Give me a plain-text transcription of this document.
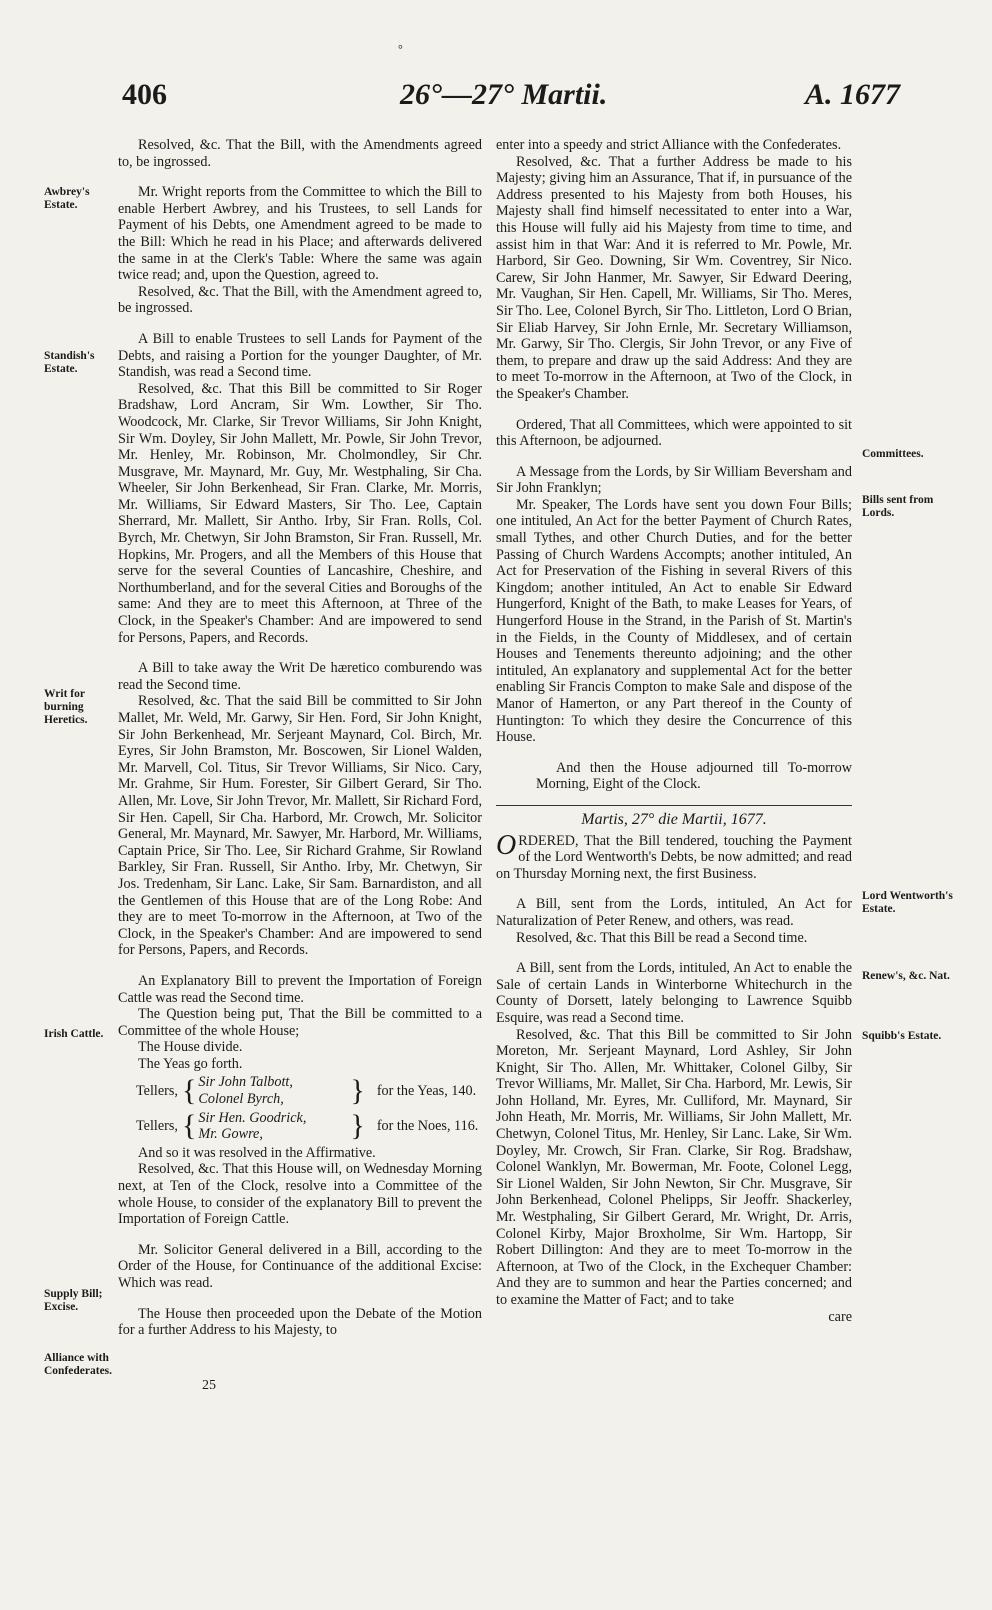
°
406	26°—27° Martii.	A. 1677
Awbrey's Estate.
Standish's Estate.
Writ for burning Heretics.
Irish Cattle.
Supply Bill; Excise.
Alliance with Confederates.
Committees.
Bills sent from Lords.
Lord Wentworth's Estate.
Renew's, &c. Nat.
Squibb's Estate.

Resolved, &c. That the Bill, with the Amendments agreed to, be ingrossed.

Mr. Wright reports from the Committee to which the Bill to enable Herbert Awbrey, and his Trustees, to sell Lands for Payment of his Debts, one Amendment agreed to be made to the Bill: Which he read in his Place; and afterwards delivered the same in at the Clerk's Table: Where the same was again twice read; and, upon the Question, agreed to.

Resolved, &c. That the Bill, with the Amendment agreed to, be ingrossed.

A Bill to enable Trustees to sell Lands for Payment of the Debts, and raising a Portion for the younger Daughter, of Mr. Standish, was read a Second time.

Resolved, &c. That this Bill be committed to Sir Roger Bradshaw, Lord Ancram, Sir Wm. Lowther, Sir Tho. Woodcock, Mr. Clarke, Sir Trevor Williams, Sir John Knight, Sir Wm. Doyley, Sir John Mallett, Mr. Powle, Sir John Trevor, Mr. Henley, Mr. Robinson, Mr. Cholmondley, Sir Chr. Musgrave, Mr. Maynard, Mr. Guy, Mr. Westphaling, Sir Cha. Wheeler, Sir John Berkenhead, Sir Fran. Clarke, Mr. Morris, Mr. Williams, Sir Edward Masters, Sir Tho. Lee, Captain Sherrard, Mr. Mallett, Sir Antho. Irby, Sir Fran. Rolls, Col. Byrch, Mr. Chetwyn, Sir John Bramston, Sir Fran. Russell, Mr. Hopkins, Mr. Progers, and all the Members of this House that serve for the several Counties of Lancashire, Cheshire, and Northumberland, and for the several Cities and Boroughs of the same: And they are to meet this Afternoon, at Three of the Clock, in the Speaker's Chamber: And are impowered to send for Persons, Papers, and Records.

A Bill to take away the Writ De hæretico comburendo was read the Second time.

Resolved, &c. That the said Bill be committed to Sir John Mallet, Mr. Weld, Mr. Garwy, Sir Hen. Ford, Sir John Knight, Sir John Berkenhead, Mr. Serjeant Maynard, Col. Birch, Mr. Eyres, Sir John Bramston, Mr. Boscowen, Sir Lionel Walden, Mr. Marvell, Col. Titus, Sir Trevor Williams, Sir Nico. Cary, Mr. Grahme, Sir Hum. Forester, Sir Gilbert Gerard, Sir Tho. Allen, Mr. Love, Sir John Trevor, Mr. Mallett, Sir Richard Ford, Sir Hen. Capell, Sir Cha. Harbord, Mr. Crowch, Mr. Solicitor General, Mr. Maynard, Mr. Sawyer, Mr. Harbord, Mr. Williams, Captain Price, Sir Tho. Lee, Sir Richard Grahme, Sir Rowland Barkley, Sir Fran. Russell, Sir Antho. Irby, Mr. Chetwyn, Sir Jos. Tredenham, Sir Lanc. Lake, Sir Sam. Barnardiston, and all the Gentlemen of this House that are of the Long Robe: And they are to meet To-morrow in the Afternoon, at Two of the Clock, in the Speaker's Chamber: And are impowered to send for Persons, Papers, and Records.

An Explanatory Bill to prevent the Importation of Foreign Cattle was read the Second time.

The Question being put, That the Bill be committed to a Committee of the whole House;

The House divide.

The Yeas go forth.

Tellers, { Sir John Talbott,
Colonel Byrch,	} for the Yeas, 140.
Tellers, { Sir Hen. Goodrick,
Mr. Gowre,	} for the Noes, 116.

And so it was resolved in the Affirmative.

Resolved, &c. That this House will, on Wednesday Morning next, at Ten of the Clock, resolve into a Committee of the whole House, to consider of the explanatory Bill to prevent the Importation of Foreign Cattle.

Mr. Solicitor General delivered in a Bill, according to the Order of the House, for Continuance of the additional Excise: Which was read.

The House then proceeded upon the Debate of the Motion for a further Address to his Majesty, to

25

enter into a speedy and strict Alliance with the Confederates.

Resolved, &c. That a further Address be made to his Majesty; giving him an Assurance, That if, in pursuance of the Address presented to his Majesty from both Houses, his Majesty shall find himself necessitated to enter into a War, this House will fully aid his Majesty from time to time, and assist him in that War: And it is referred to Mr. Powle, Mr. Harbord, Sir Geo. Downing, Sir Wm. Coventrey, Sir Nico. Carew, Sir John Hanmer, Mr. Sawyer, Sir Edward Deering, Mr. Vaughan, Sir Hen. Capell, Mr. Williams, Sir Tho. Meres, Sir Tho. Lee, Colonel Byrch, Sir Tho. Littleton, Lord O Brian, Sir Eliab Harvey, Sir John Ernle, Mr. Secretary Williamson, Mr. Garwy, Sir Tho. Clergis, Sir John Trevor, or any Five of them, to prepare and draw up the said Address: And they are to meet To-morrow in the Afternoon, at Two of the Clock, in the Speaker's Chamber.

Ordered, That all Committees, which were appointed to sit this Afternoon, be adjourned.

A Message from the Lords, by Sir William Beversham and Sir John Franklyn;

Mr. Speaker, The Lords have sent you down Four Bills; one intituled, An Act for the better Payment of Church Rates, small Tythes, and other Church Duties, and for the better Passing of Church Wardens Accompts; another intituled, An Act for Preservation of the Fishing in several Rivers of this Kingdom; another intituled, An Act to enable Sir Edward Hungerford, Knight of the Bath, to make Leases for Years, of Hungerford House in the Strand, in the Parish of St. Martin's in the Fields, in the County of Middlesex, and of certain Houses and Tenements thereunto adjoining; and the other intituled, An explanatory and supplemental Act for the better enabling Sir Francis Compton to make Sale and dispose of the Manor of Hamerton, or any Part thereof in the County of Huntington: To which they desire the Concurrence of this House.

And then the House adjourned till To-morrow Morning, Eight of the Clock.

Martis, 27° die Martii, 1677.

ORDERED, That the Bill tendered, touching the Payment of the Lord Wentworth's Debts, be now admitted; and read on Thursday Morning next, the first Business.

A Bill, sent from the Lords, intituled, An Act for Naturalization of Peter Renew, and others, was read.

Resolved, &c. That this Bill be read a Second time.

A Bill, sent from the Lords, intituled, An Act to enable the Sale of certain Lands in Winterborne Whitechurch in the County of Dorsett, lately belonging to Lawrence Squibb Esquire, was read a Second time.

Resolved, &c. That this Bill be committed to Sir John Moreton, Mr. Serjeant Maynard, Lord Ashley, Sir John Knight, Sir Tho. Allen, Mr. Whittaker, Colonel Gilby, Sir Trevor Williams, Mr. Mallet, Sir Cha. Harbord, Mr. Lewis, Sir John Holland, Mr. Eyres, Mr. Culliford, Mr. Maynard, Sir John Heath, Mr. Morris, Mr. Williams, Sir John Mallett, Mr. Chetwyn, Colonel Titus, Mr. Henley, Sir Lanc. Lake, Sir Wm. Doyley, Mr. Crowch, Sir Fran. Clarke, Sir Rog. Bradshaw, Colonel Wanklyn, Mr. Bowerman, Mr. Foote, Colonel Legg, Sir Lionel Walden, Sir John Newton, Sir Chr. Musgrave, Sir John Berkenhead, Colonel Phelipps, Sir Jeoffr. Shackerley, Mr. Westphaling, Sir Gilbert Gerard, Mr. Wright, Dr. Arris, Colonel Kirby, Major Broxholme, Sir Wm. Hartopp, Sir Robert Dillington: And they are to meet To-morrow in the Afternoon, at Two of the Clock, in the Exchequer Chamber: And they are to summon and hear the Parties concerned; and to examine the Matter of Fact; and to take

care
